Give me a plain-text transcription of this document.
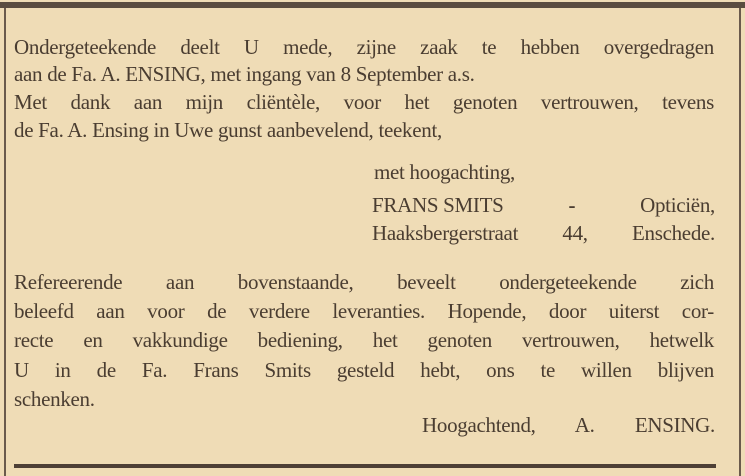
Ondergeteekende deelt U mede, zijne zaak te hebben overgedragen
aan de Fa. A. ENSING, met ingang van 8 September a.s.
Met dank aan mijn cliëntèle, voor het genoten vertrouwen, tevens
de Fa. A. Ensing in Uwe gunst aanbevelend, teekent,
met hoogachting,
FRANS SMITS	-	Opticiën,
Haaksbergerstraat 44, Enschede.
Refereerende aan bovenstaande, beveelt ondergeteekende zich
beleefd aan voor de verdere leveranties. Hopende, door uiterst cor-
recte en vakkundige bediening, het genoten vertrouwen, hetwelk
U in de Fa. Frans Smits gesteld hebt, ons te willen blijven
schenken.
Hoogachtend, A. ENSING.
